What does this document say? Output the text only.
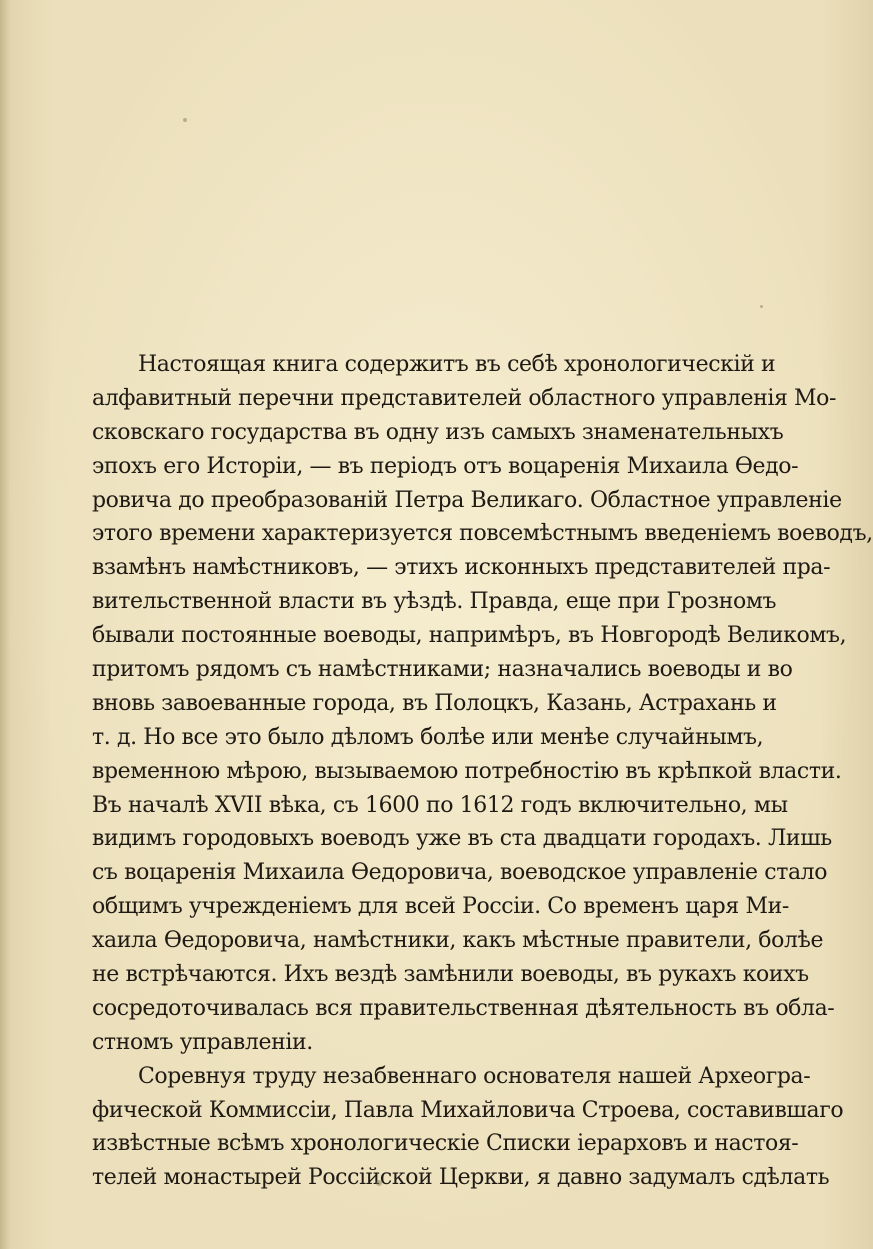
Настоящая книга содержитъ въ себѣ хронологическій и
алфавитный перечни представителей областного управленія Мо-
сковскаго государства въ одну изъ самыхъ знаменательныхъ
эпохъ его Исторіи, — въ періодъ отъ воцаренія Михаила Ѳедо-
ровича до преобразованій Петра Великаго. Областное управленіе
этого времени характеризуется повсемѣстнымъ введеніемъ воеводъ,
взамѣнъ намѣстниковъ, — этихъ исконныхъ представителей пра-
вительственной власти въ уѣздѣ. Правда, еще при Грозномъ
бывали постоянные воеводы, напримѣръ, въ Новгородѣ Великомъ,
притомъ рядомъ съ намѣстниками; назначались воеводы и во
вновь завоеванные города, въ Полоцкъ, Казань, Астрахань и
т. д. Но все это было дѣломъ болѣе или менѣе случайнымъ,
временною мѣрою, вызываемою потребностію въ крѣпкой власти.
Въ началѣ XVII вѣка, съ 1600 по 1612 годъ включительно, мы
видимъ городовыхъ воеводъ уже въ ста двадцати городахъ. Лишь
съ воцаренія Михаила Ѳедоровича, воеводское управленіе стало
общимъ учрежденіемъ для всей Россіи. Со временъ царя Ми-
хаила Ѳедоровича, намѣстники, какъ мѣстные правители, болѣе
не встрѣчаются. Ихъ вездѣ замѣнили воеводы, въ рукахъ коихъ
сосредоточивалась вся правительственная дѣятельность въ обла-
стномъ управленіи.
Соревнуя труду незабвеннаго основателя нашей Археогра-
фической Коммиссіи, Павла Михайловича Строева, составившаго
извѣстные всѣмъ хронологическіе Списки іерарховъ и настоя-
телей монастырей Россійской Церкви, я давно задумалъ сдѣлать
